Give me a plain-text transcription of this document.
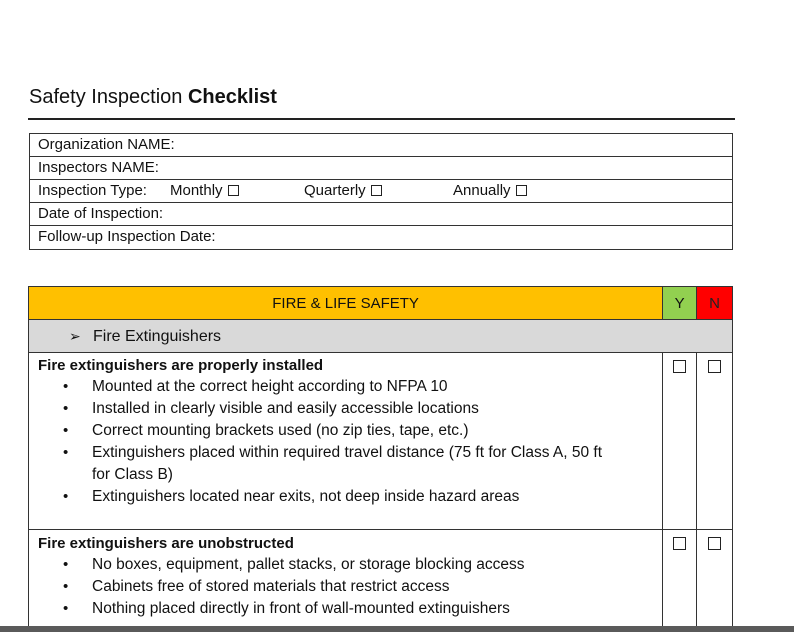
Safety Inspection Checklist
Organization NAME:
Inspectors NAME:
Inspection Type: Monthly	Quarterly	Annually
Date of Inspection:
Follow-up Inspection Date:
FIRE & LIFE SAFETY	Y	N
➢ Fire Extinguishers
Fire extinguishers are properly installed
• Mounted at the correct height according to NFPA 10
• Installed in clearly visible and easily accessible locations
• Correct mounting brackets used (no zip ties, tape, etc.)
• Extinguishers placed within required travel distance (75 ft for Class A, 50 ft
for Class B)
• Extinguishers located near exits, not deep inside hazard areas
Fire extinguishers are unobstructed
• No boxes, equipment, pallet stacks, or storage blocking access
• Cabinets free of stored materials that restrict access
• Nothing placed directly in front of wall-mounted extinguishers
